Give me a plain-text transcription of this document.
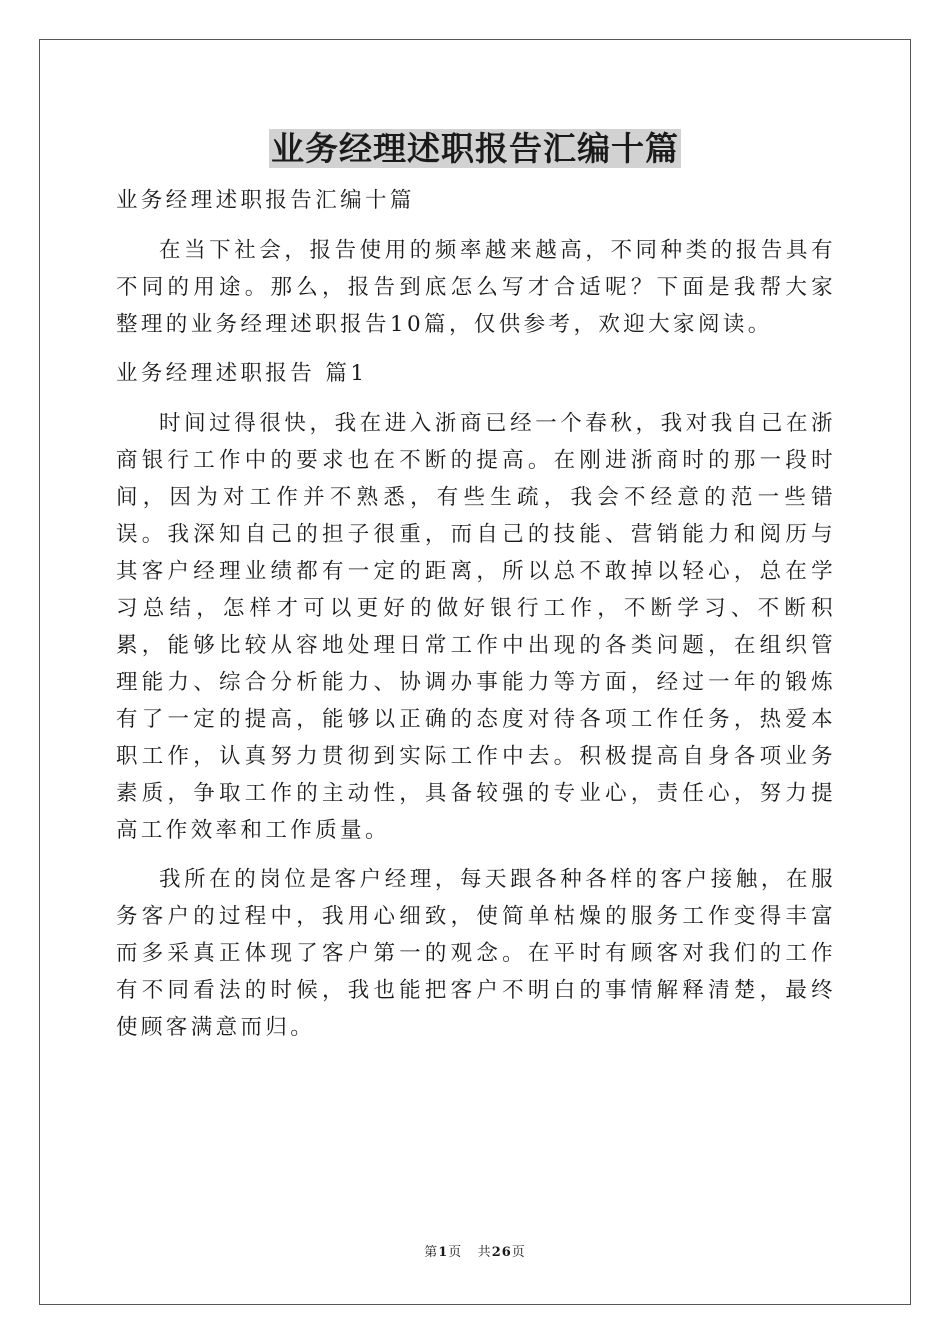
业务经理述职报告汇编十篇

业务经理述职报告汇编十篇

在当下社会，报告使用的频率越来越高，不同种类的报告具有不同的用途。那么，报告到底怎么写才合适呢？下面是我帮大家整理的业务经理述职报告10篇，仅供参考，欢迎大家阅读。

业务经理述职报告 篇1

时间过得很快，我在进入浙商已经一个春秋，我对我自己在浙商银行工作中的要求也在不断的提高。在刚进浙商时的那一段时间，因为对工作并不熟悉，有些生疏，我会不经意的范一些错误。我深知自己的担子很重，而自己的技能、营销能力和阅历与其客户经理业绩都有一定的距离，所以总不敢掉以轻心，总在学习总结，怎样才可以更好的做好银行工作，不断学习、不断积累，能够比较从容地处理日常工作中出现的各类问题，在组织管理能力、综合分析能力、协调办事能力等方面，经过一年的锻炼有了一定的提高，能够以正确的态度对待各项工作任务，热爱本职工作，认真努力贯彻到实际工作中去。积极提高自身各项业务素质，争取工作的主动性，具备较强的专业心，责任心，努力提高工作效率和工作质量。

我所在的岗位是客户经理，每天跟各种各样的客户接触，在服务客户的过程中，我用心细致，使简单枯燥的服务工作变得丰富而多采真正体现了客户第一的观念。在平时有顾客对我们的工作有不同看法的时候，我也能把客户不明白的事情解释清楚，最终使顾客满意而归。

第1页 共26页
